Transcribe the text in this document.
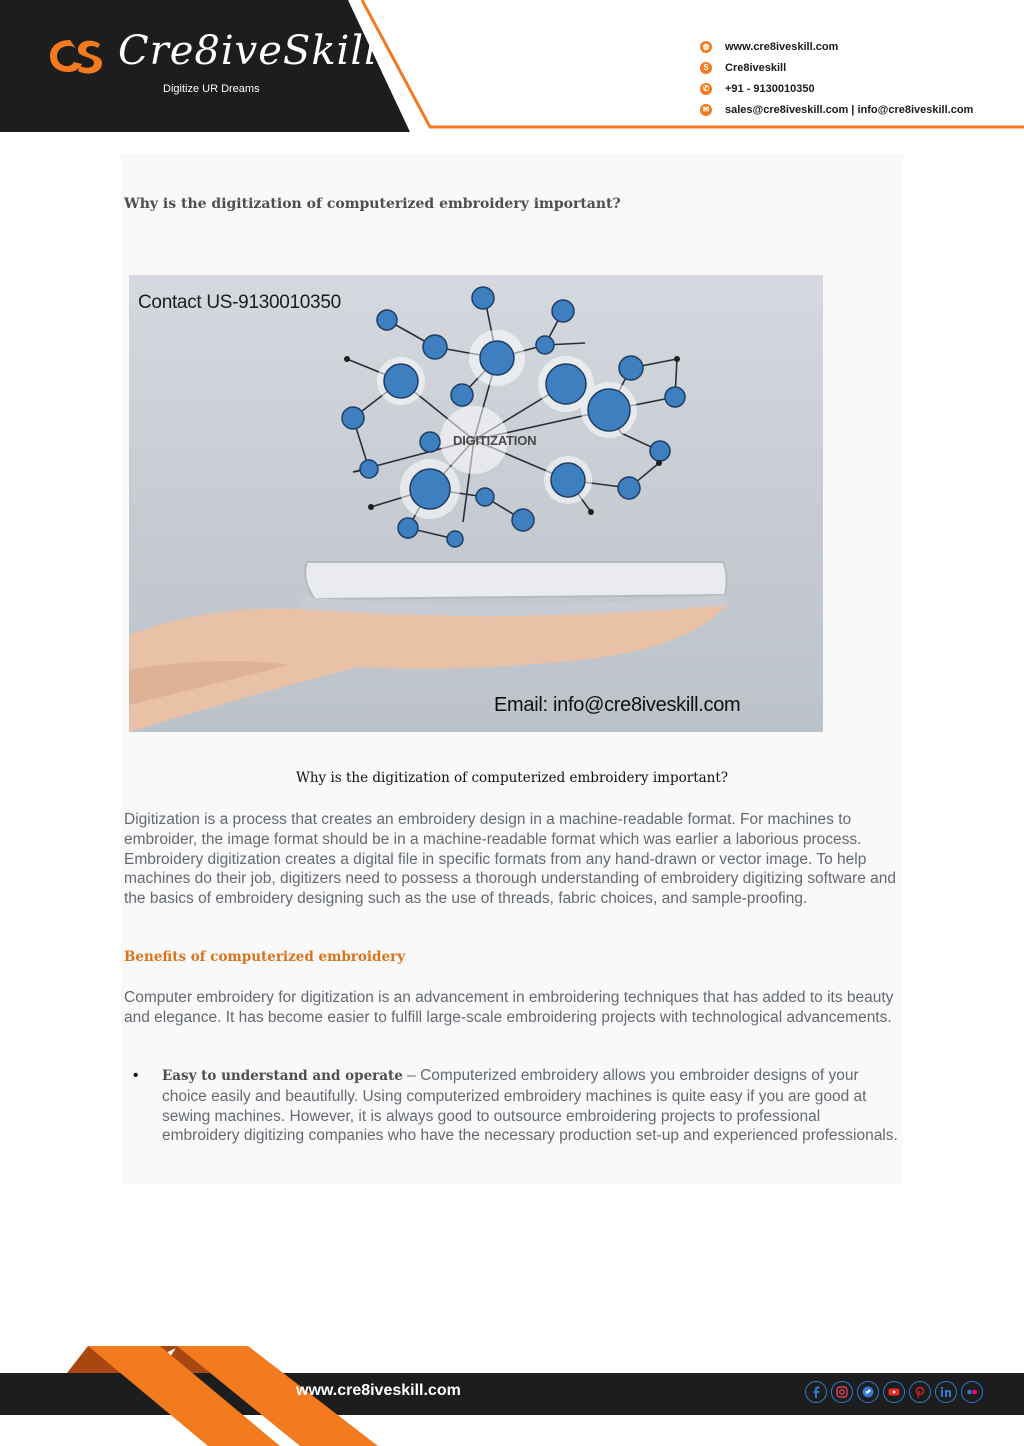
Cre8iveSkill
Digitize UR Dreams
◍ www.cre8iveskill.com
S	Cre8iveskill
✆ +91 - 9130010350
✉ sales@cre8iveskill.com | info@cre8iveskill.com
Why is the digitization of computerized embroidery important?
Contact US-9130010350
DIGITIZATION
Email: info@cre8iveskill.com

Why is the digitization of computerized embroidery important?

Digitization is a process that creates an embroidery design in a machine-readable format. For machines to embroider, the image format should be in a machine-readable format which was earlier a laborious process. Embroidery digitization creates a digital file in specific formats from any hand-drawn or vector image. To help machines do their job, digitizers need to possess a thorough understanding of embroidery digitizing software and the basics of embroidery designing such as the use of threads, fabric choices, and sample-proofing.

Benefits of computerized embroidery

Computer embroidery for digitization is an advancement in embroidering techniques that has added to its beauty and elegance. It has become easier to fulfill large-scale embroidering projects with technological advancements.

•	Easy to understand and operate – Computerized embroidery allows you embroider designs of your choice easily and beautifully. Using computerized embroidery machines is quite easy if you are good at sewing machines. However, it is always good to outsource embroidering projects to professional embroidery digitizing companies who have the necessary production set-up and experienced professionals.
www.cre8iveskill.com
